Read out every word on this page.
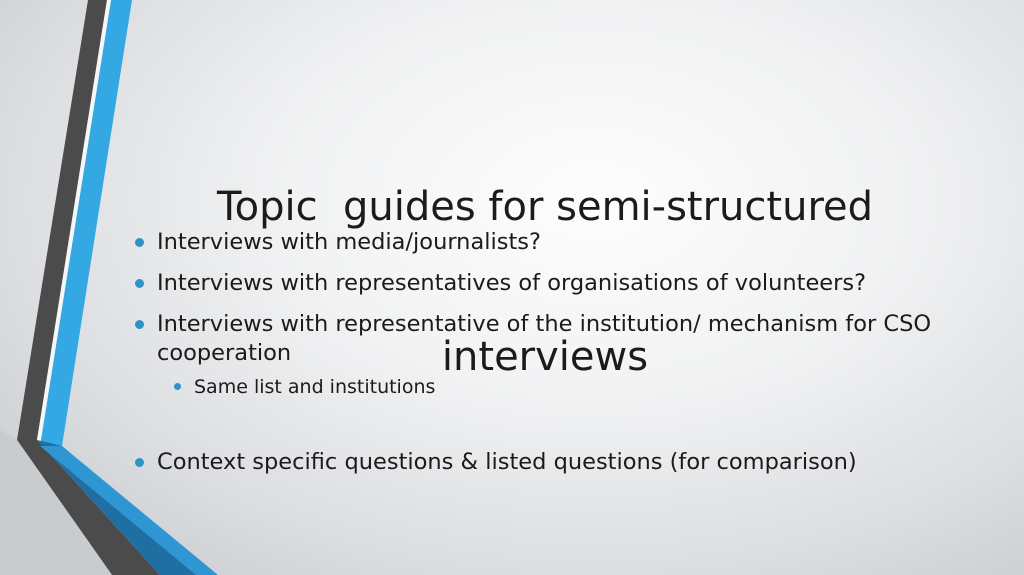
Topic  guides for semi-structured

interviews

Interviews with media/journalists?
Interviews with representatives of organisations of volunteers?
Interviews with representative of the institution/ mechanism for CSO cooperation
Same list and institutions
Context specific questions & listed questions (for comparison)
